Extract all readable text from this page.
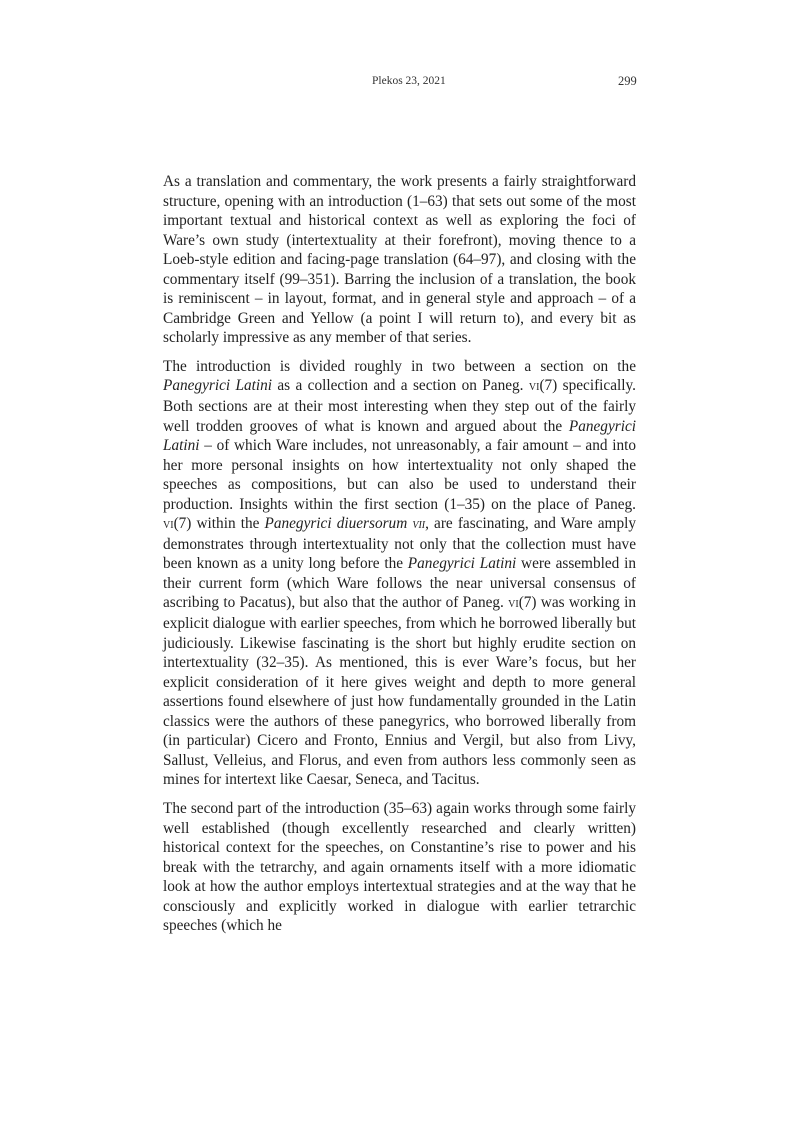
Plekos 23, 2021	299

As a translation and commentary, the work presents a fairly straightforward structure, opening with an introduction (1–63) that sets out some of the most important textual and historical context as well as exploring the foci of Ware’s own study (intertextuality at their forefront), moving thence to a Loeb-style edition and facing-page translation (64–97), and closing with the commentary itself (99–351). Barring the inclusion of a translation, the book is reminiscent – in layout, format, and in general style and approach – of a Cambridge Green and Yellow (a point I will return to), and every bit as scholarly impressive as any member of that series.

The introduction is divided roughly in two between a section on the Panegyrici Latini as a collection and a section on Paneg. vi(7) specifically. Both sections are at their most interesting when they step out of the fairly well trodden grooves of what is known and argued about the Panegyrici Latini – of which Ware includes, not unreasonably, a fair amount – and into her more personal insights on how intertextuality not only shaped the speeches as compositions, but can also be used to understand their production. Insights within the first section (1–35) on the place of Paneg. vi(7) within the Panegyrici diuersorum vii, are fascinating, and Ware amply demonstrates through intertextuality not only that the collection must have been known as a unity long before the Panegyrici Latini were assembled in their current form (which Ware follows the near universal consensus of ascribing to Pacatus), but also that the author of Paneg. vi(7) was working in explicit dialogue with earlier speeches, from which he borrowed liberally but judiciously. Likewise fascinating is the short but highly erudite section on intertextuality (32–35). As mentioned, this is ever Ware’s focus, but her explicit consideration of it here gives weight and depth to more general assertions found elsewhere of just how fundamentally grounded in the Latin classics were the authors of these panegyrics, who borrowed liberally from (in particular) Cicero and Fronto, Ennius and Vergil, but also from Livy, Sallust, Velleius, and Florus, and even from authors less commonly seen as mines for intertext like Caesar, Seneca, and Tacitus.

The second part of the introduction (35–63) again works through some fairly well established (though excellently researched and clearly written) historical context for the speeches, on Constantine’s rise to power and his break with the tetrarchy, and again ornaments itself with a more idiomatic look at how the author employs intertextual strategies and at the way that he consciously and explicitly worked in dialogue with earlier tetrarchic speeches (which he
